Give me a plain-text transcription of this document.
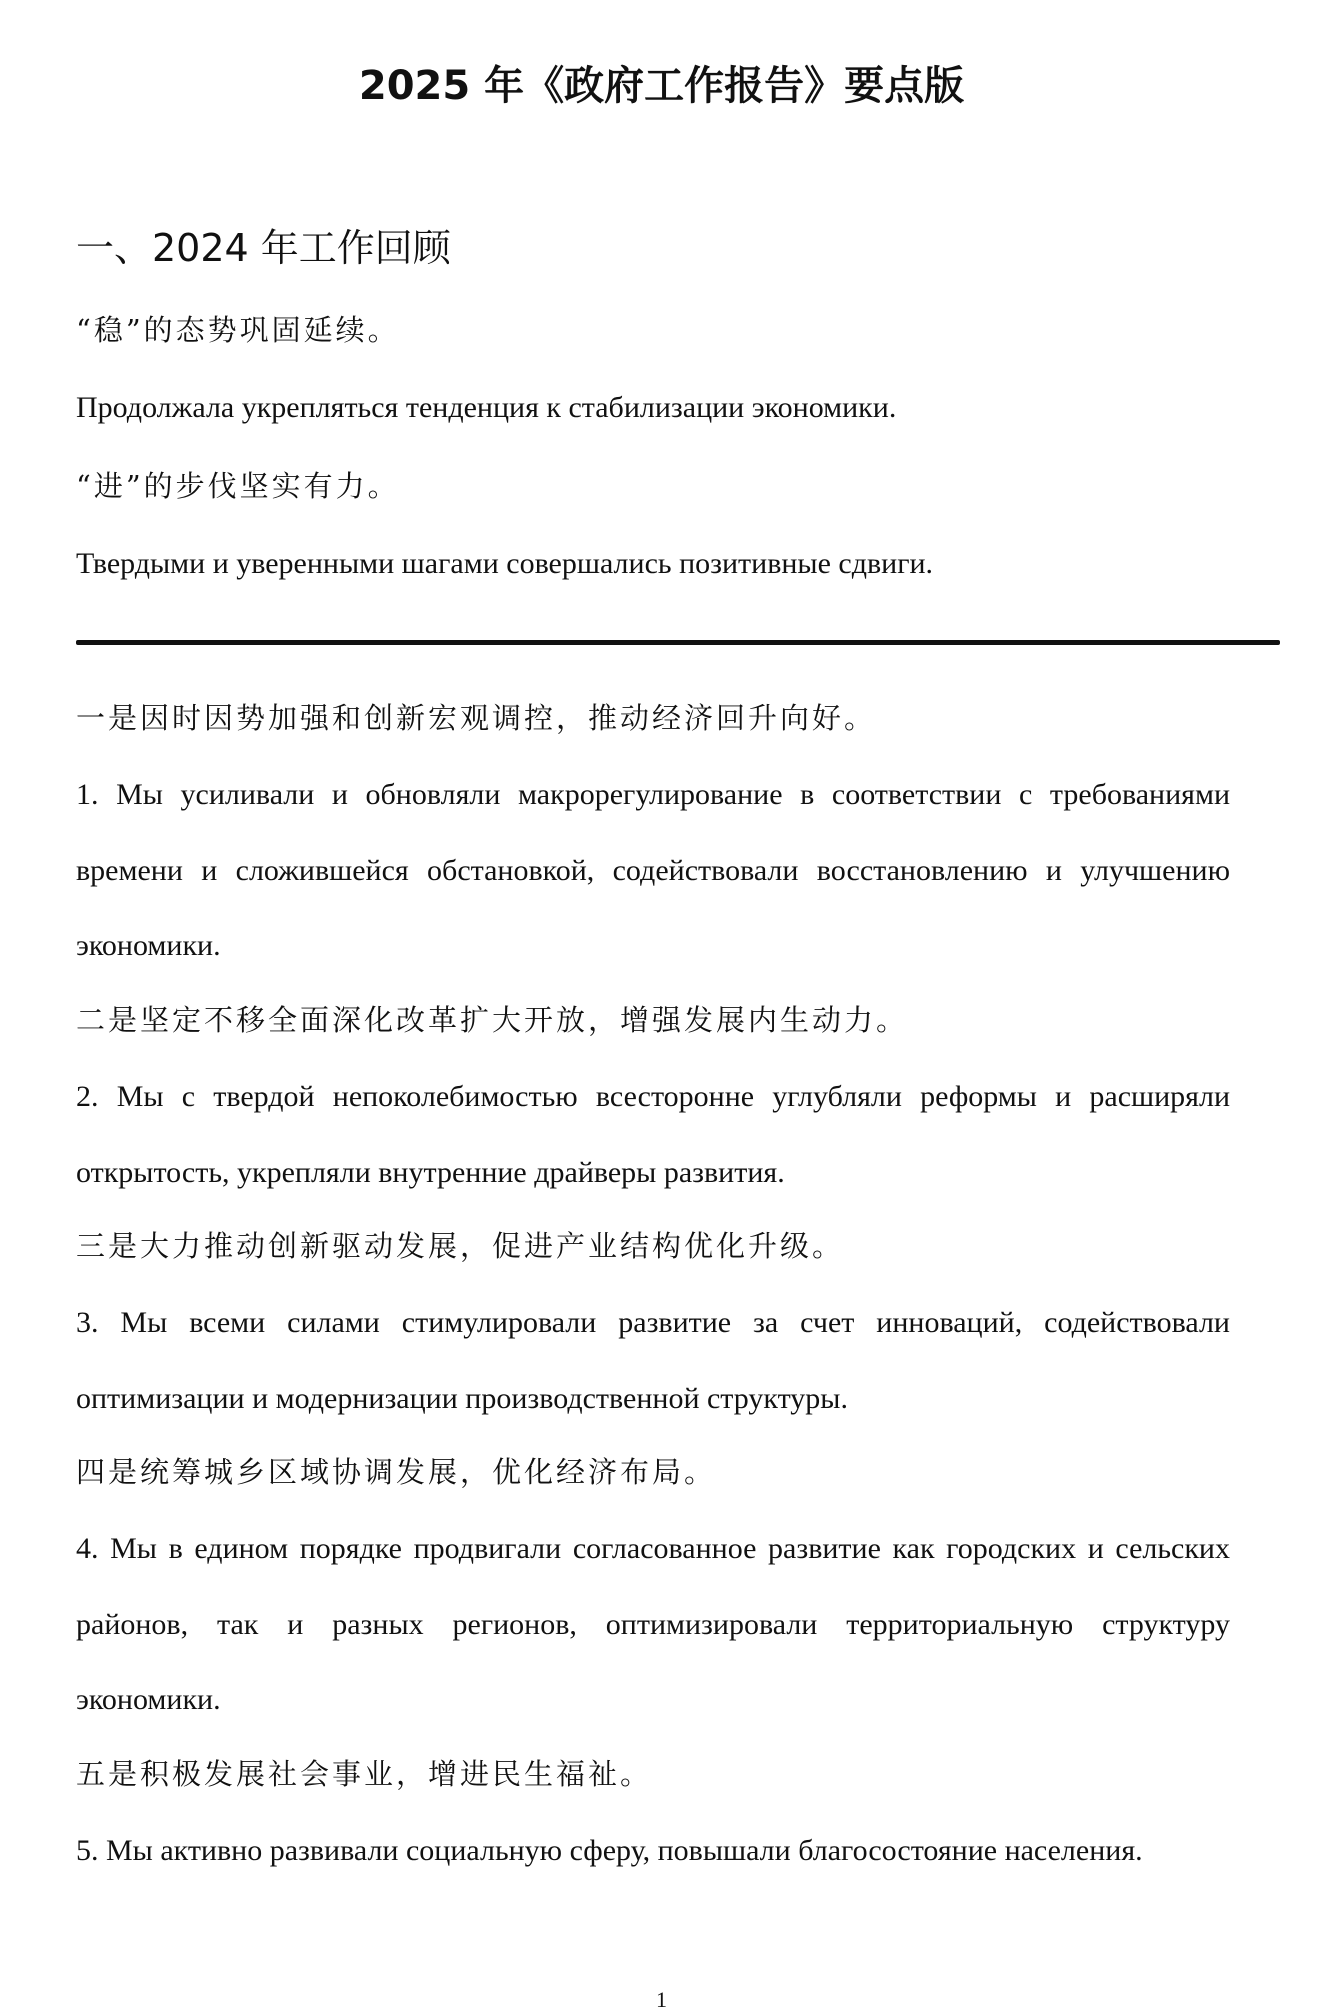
2025 年《政府工作报告》要点版
一、2024 年工作回顾
“稳”的态势巩固延续。
Продолжала укрепляться тенденция к стабилизации экономики.
“进”的步伐坚实有力。
Твердыми и уверенными шагами совершались позитивные сдвиги.
一是因时因势加强和创新宏观调控，推动经济回升向好。
1. Мы усиливали и обновляли макрорегулирование в соответствии с требованиями времени и сложившейся обстановкой, содействовали восстановлению и улучшению экономики.
二是坚定不移全面深化改革扩大开放，增强发展内生动力。
2. Мы с твердой непоколебимостью всесторонне углубляли реформы и расширяли открытость, укрепляли внутренние драйверы развития.
三是大力推动创新驱动发展，促进产业结构优化升级。
3. Мы всеми силами стимулировали развитие за счет инноваций, содействовали оптимизации и модернизации производственной структуры.
四是统筹城乡区域协调发展，优化经济布局。
4. Мы в едином порядке продвигали согласованное развитие как городских и сельских районов, так и разных регионов, оптимизировали территориальную структуру экономики.
五是积极发展社会事业，增进民生福祉。
5. Мы активно развивали социальную сферу, повышали благосостояние населения.
1
